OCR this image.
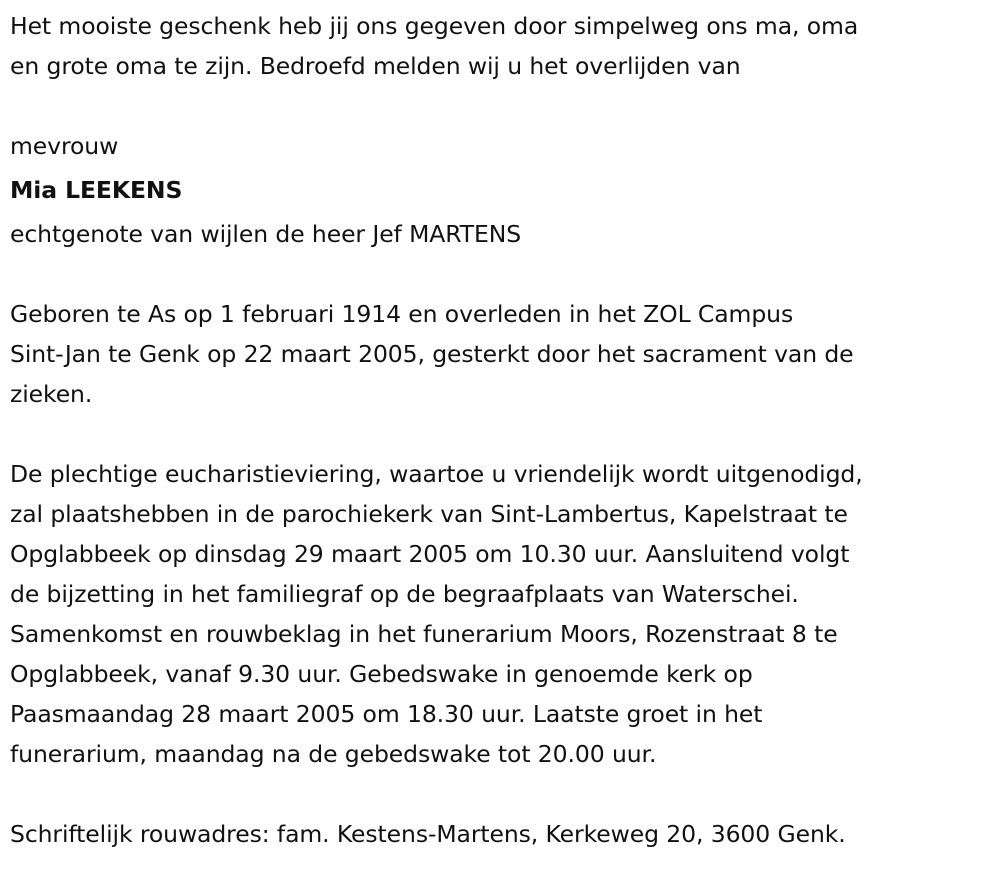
Het mooiste geschenk heb jij ons gegeven door simpelweg ons ma, oma
en grote oma te zijn. Bedroefd melden wij u het overlijden van
mevrouw
Mia LEEKENS
echtgenote van wijlen de heer Jef MARTENS
Geboren te As op 1 februari 1914 en overleden in het ZOL Campus
Sint-Jan te Genk op 22 maart 2005, gesterkt door het sacrament van de
zieken.
De plechtige eucharistieviering, waartoe u vriendelijk wordt uitgenodigd,
zal plaatshebben in de parochiekerk van Sint-Lambertus, Kapelstraat te
Opglabbeek op dinsdag 29 maart 2005 om 10.30 uur. Aansluitend volgt
de bijzetting in het familiegraf op de begraafplaats van Waterschei.
Samenkomst en rouwbeklag in het funerarium Moors, Rozenstraat 8 te
Opglabbeek, vanaf 9.30 uur. Gebedswake in genoemde kerk op
Paasmaandag 28 maart 2005 om 18.30 uur. Laatste groet in het
funerarium, maandag na de gebedswake tot 20.00 uur.
Schriftelijk rouwadres: fam. Kestens-Martens, Kerkeweg 20, 3600 Genk.
